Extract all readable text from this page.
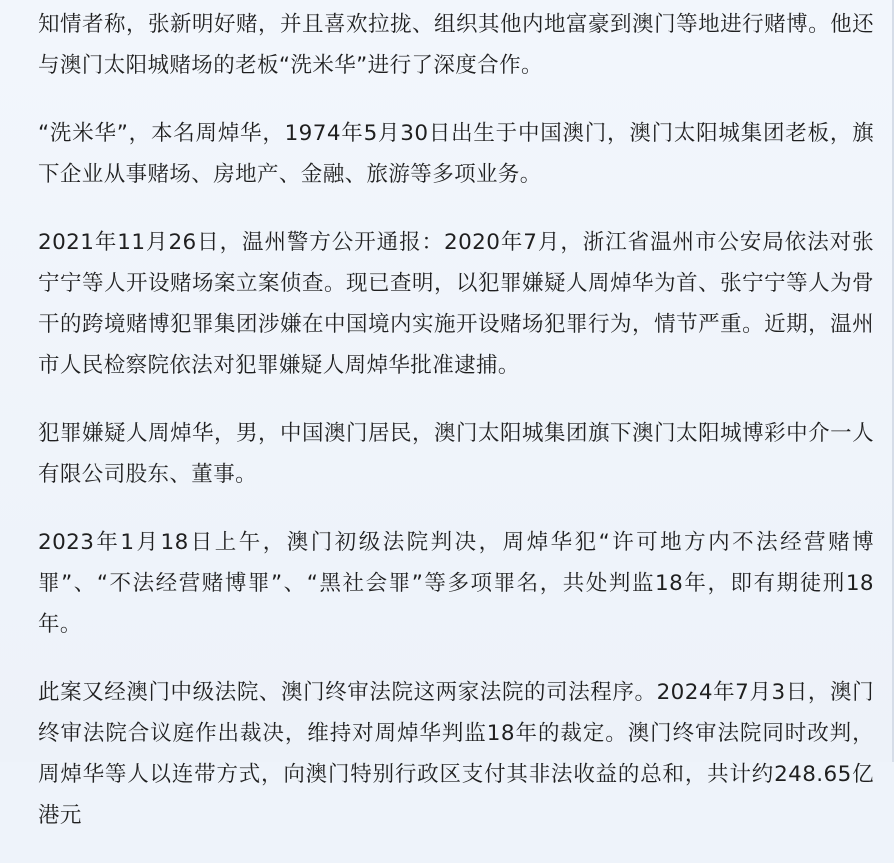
知情者称，张新明好赌，并且喜欢拉拢、组织其他内地富豪到澳门等地进行赌博。他还与澳门太阳城赌场的老板“洗米华”进行了深度合作。

“洗米华”，本名周焯华，1974年5月30日出生于中国澳门，澳门太阳城集团老板，旗下企业从事赌场、房地产、金融、旅游等多项业务。

2021年11月26日，温州警方公开通报：2020年7月，浙江省温州市公安局依法对张宁宁等人开设赌场案立案侦查。现已查明，以犯罪嫌疑人周焯华为首、张宁宁等人为骨干的跨境赌博犯罪集团涉嫌在中国境内实施开设赌场犯罪行为，情节严重。近期，温州市人民检察院依法对犯罪嫌疑人周焯华批准逮捕。

犯罪嫌疑人周焯华，男，中国澳门居民，澳门太阳城集团旗下澳门太阳城博彩中介一人有限公司股东、董事。

2023年1月18日上午，澳门初级法院判决，周焯华犯“许可地方内不法经营赌博罪”、“不法经营赌博罪”、“黑社会罪”等多项罪名，共处判监18年，即有期徒刑18年。

此案又经澳门中级法院、澳门终审法院这两家法院的司法程序。2024年7月3日，澳门终审法院合议庭作出裁决，维持对周焯华判监18年的裁定。澳门终审法院同时改判，周焯华等人以连带方式，向澳门特别行政区支付其非法收益的总和，共计约248.65亿港元
